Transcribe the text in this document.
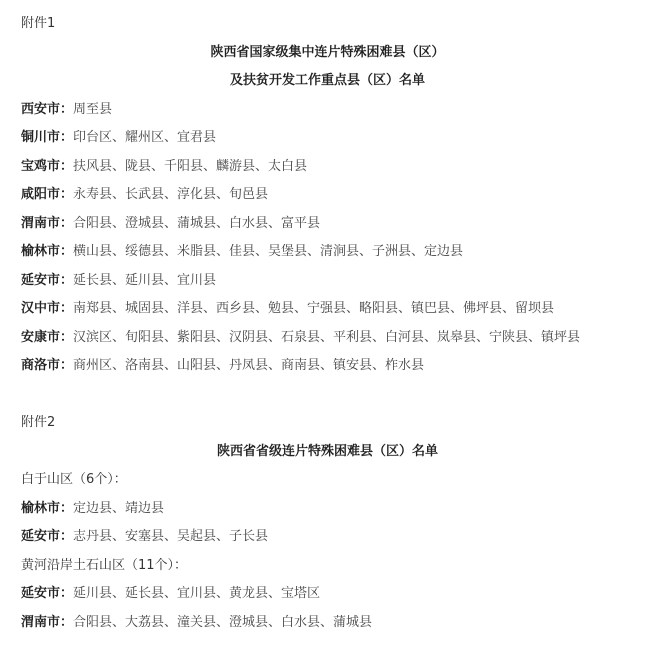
附件1
陕西省国家级集中连片特殊困难县（区）
及扶贫开发工作重点县（区）名单
西安市：周至县
铜川市：印台区、耀州区、宜君县
宝鸡市：扶风县、陇县、千阳县、麟游县、太白县
咸阳市：永寿县、长武县、淳化县、旬邑县
渭南市：合阳县、澄城县、蒲城县、白水县、富平县
榆林市：横山县、绥德县、米脂县、佳县、吴堡县、清涧县、子洲县、定边县
延安市：延长县、延川县、宜川县
汉中市：南郑县、城固县、洋县、西乡县、勉县、宁强县、略阳县、镇巴县、佛坪县、留坝县
安康市：汉滨区、旬阳县、紫阳县、汉阴县、石泉县、平利县、白河县、岚皋县、宁陕县、镇坪县
商洛市：商州区、洛南县、山阳县、丹凤县、商南县、镇安县、柞水县
附件2
陕西省省级连片特殊困难县（区）名单
白于山区（6个）：
榆林市：定边县、靖边县
延安市：志丹县、安塞县、吴起县、子长县
黄河沿岸土石山区（11个）：
延安市：延川县、延长县、宜川县、黄龙县、宝塔区
渭南市：合阳县、大荔县、潼关县、澄城县、白水县、蒲城县
